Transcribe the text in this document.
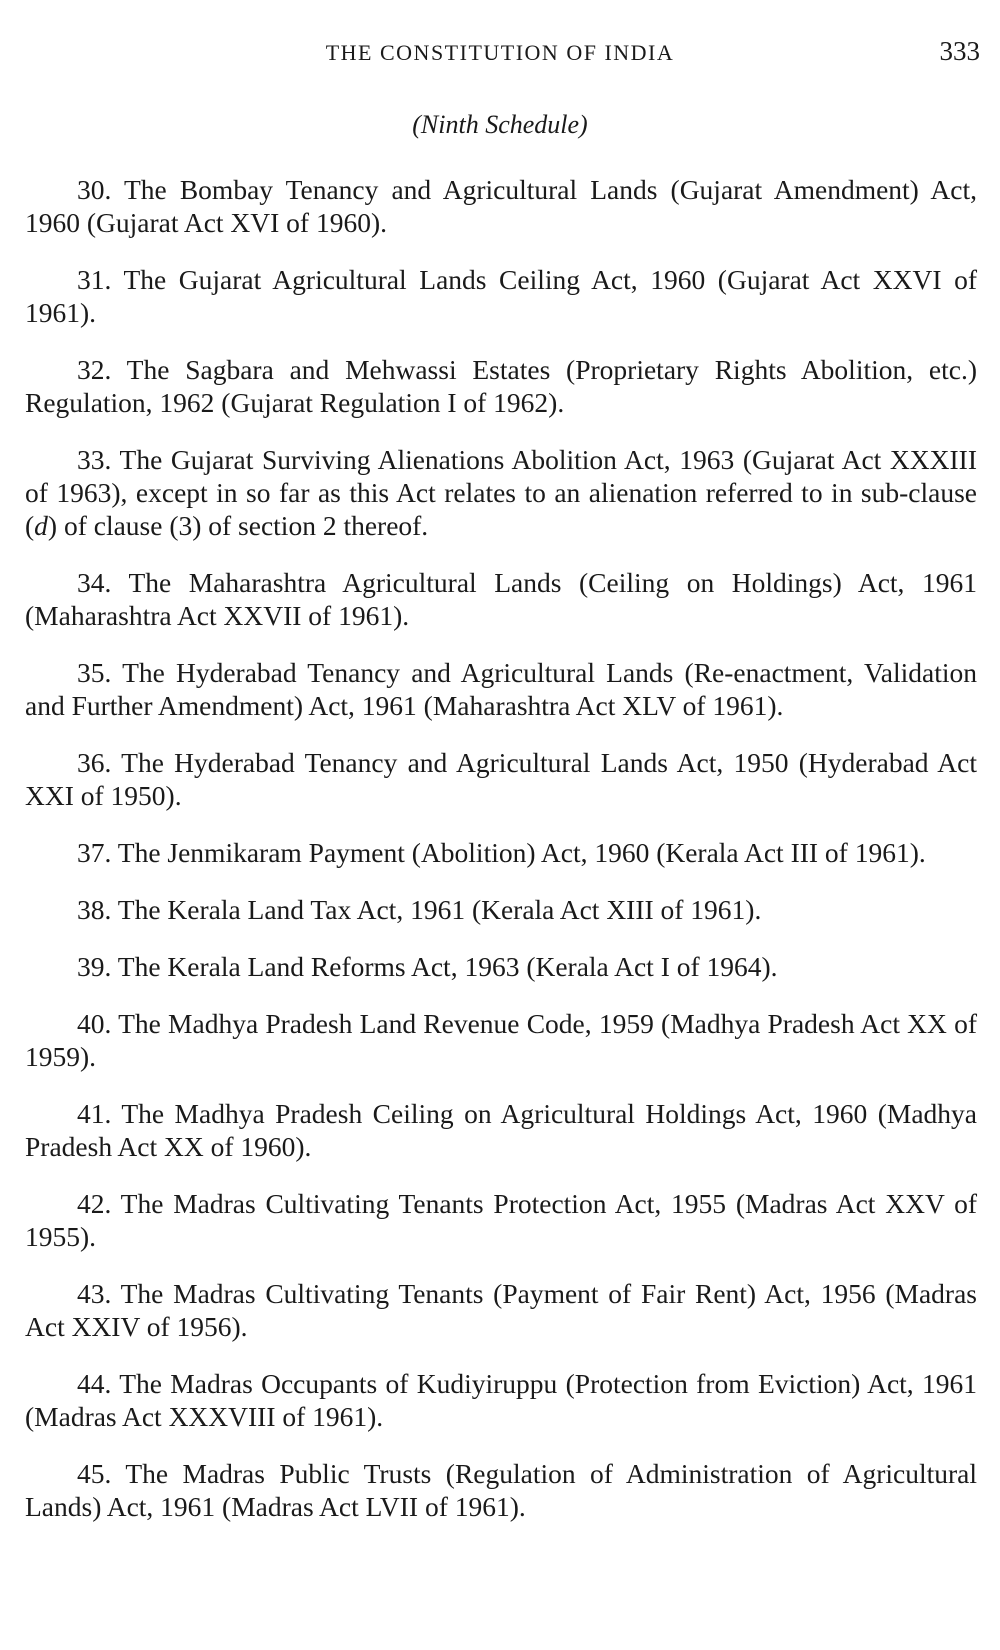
THE CONSTITUTION OF INDIA	333
(Ninth Schedule)

30. The Bombay Tenancy and Agricultural Lands (Gujarat Amendment) Act, 1960 (Gujarat Act XVI of 1960).

31. The Gujarat Agricultural Lands Ceiling Act, 1960 (Gujarat Act XXVI of 1961).

32. The Sagbara and Mehwassi Estates (Proprietary Rights Abolition, etc.) Regulation, 1962 (Gujarat Regulation I of 1962).

33. The Gujarat Surviving Alienations Abolition Act, 1963 (Gujarat Act XXXIII of 1963), except in so far as this Act relates to an alienation referred to in sub-clause (d) of clause (3) of section 2 thereof.

34. The Maharashtra Agricultural Lands (Ceiling on Holdings) Act, 1961 (Maharashtra Act XXVII of 1961).

35. The Hyderabad Tenancy and Agricultural Lands (Re-enactment, Validation and Further Amendment) Act, 1961 (Maharashtra Act XLV of 1961).

36. The Hyderabad Tenancy and Agricultural Lands Act, 1950 (Hyderabad Act XXI of 1950).

37. The Jenmikaram Payment (Abolition) Act, 1960 (Kerala Act III of 1961).

38. The Kerala Land Tax Act, 1961 (Kerala Act XIII of 1961).

39. The Kerala Land Reforms Act, 1963 (Kerala Act I of 1964).

40. The Madhya Pradesh Land Revenue Code, 1959 (Madhya Pradesh Act XX of 1959).

41. The Madhya Pradesh Ceiling on Agricultural Holdings Act, 1960 (Madhya Pradesh Act XX of 1960).

42. The Madras Cultivating Tenants Protection Act, 1955 (Madras Act XXV of 1955).

43. The Madras Cultivating Tenants (Payment of Fair Rent) Act, 1956 (Madras Act XXIV of 1956).

44. The Madras Occupants of Kudiyiruppu (Protection from Eviction) Act, 1961 (Madras Act XXXVIII of 1961).

45. The Madras Public Trusts (Regulation of Administration of Agricultural Lands) Act, 1961 (Madras Act LVII of 1961).
